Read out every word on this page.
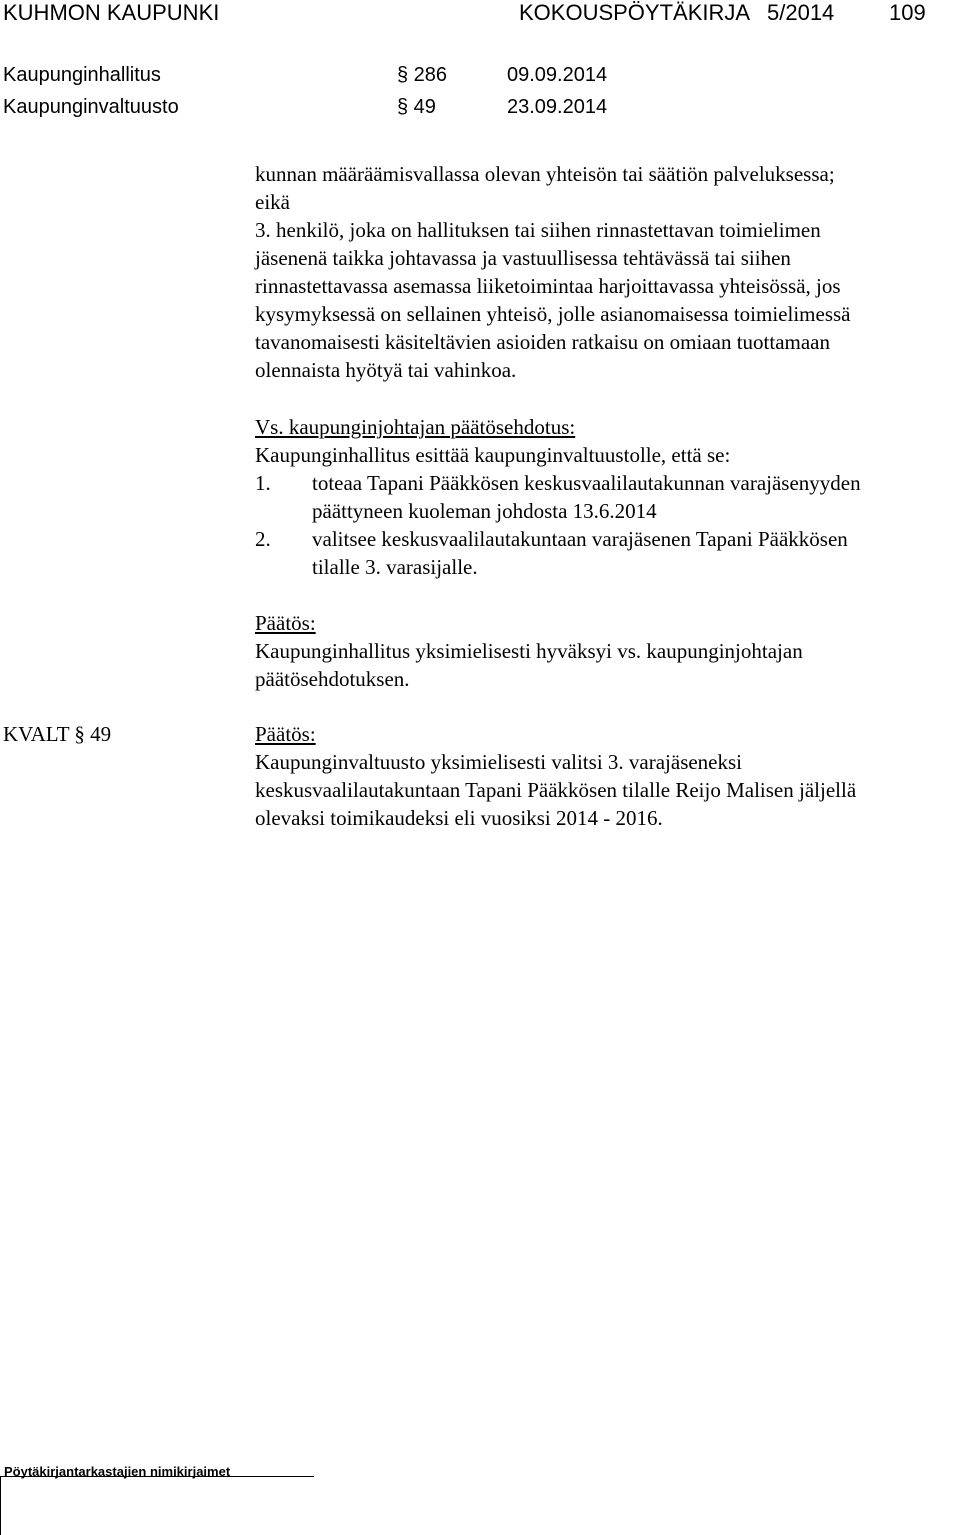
KUHMON KAUPUNKI	KOKOUSPÖYTÄKIRJA 5/2014 109
Kaupunginhallitus	§ 286	09.09.2014
Kaupunginvaltuusto	§ 49	23.09.2014
kunnan määräämisvallassa olevan yhteisön tai säätiön palveluksessa;
eikä
3. henkilö, joka on hallituksen tai siihen rinnastettavan toimielimen
jäsenenä taikka johtavassa ja vastuullisessa tehtävässä tai siihen
rinnastettavassa asemassa liiketoimintaa harjoittavassa yhteisössä, jos
kysymyksessä on sellainen yhteisö, jolle asianomaisessa toimielimessä
tavanomaisesti käsiteltävien asioiden ratkaisu on omiaan tuottamaan
olennaista hyötyä tai vahinkoa.
Vs. kaupunginjohtajan päätösehdotus:
Kaupunginhallitus esittää kaupunginvaltuustolle, että se:
1. toteaa Tapani Pääkkösen keskusvaalilautakunnan varajäsenyyden
päättyneen kuoleman johdosta 13.6.2014
2. valitsee keskusvaalilautakuntaan varajäsenen Tapani Pääkkösen
tilalle 3. varasijalle.
Päätös:
Kaupunginhallitus yksimielisesti hyväksyi vs. kaupunginjohtajan
päätösehdotuksen.
KVALT § 49	Päätös:
Kaupunginvaltuusto yksimielisesti valitsi 3. varajäseneksi
keskusvaalilautakuntaan Tapani Pääkkösen tilalle Reijo Malisen jäljellä
olevaksi toimikaudeksi eli vuosiksi 2014 - 2016.
Pöytäkirjantarkastajien nimikirjaimet
